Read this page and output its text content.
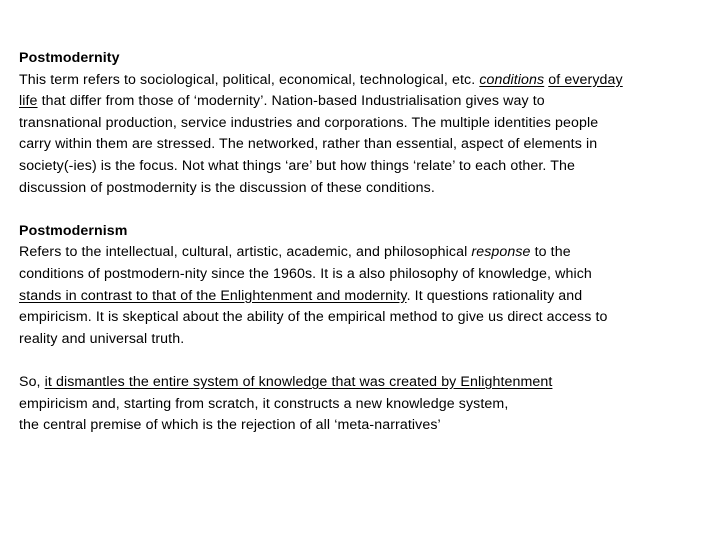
Postmodernity
This term refers to sociological, political, economical, technological, etc. conditions of everyday
life that differ from those of ‘modernity’. Nation-based Industrialisation gives way to
transnational production, service industries and corporations. The multiple identities people
carry within them are stressed. The networked, rather than essential, aspect of elements in
society(-ies) is the focus. Not what things ‘are’ but how things ‘relate’ to each other. The
discussion of postmodernity is the discussion of these conditions.
Postmodernism
Refers to the intellectual, cultural, artistic, academic, and philosophical response to the
conditions of postmodern-nity since the 1960s. It is a also philosophy of knowledge, which
stands in contrast to that of the Enlightenment and modernity. It questions rationality and
empiricism. It is skeptical about the ability of the empirical method to give us direct access to
reality and universal truth.
So, it dismantles the entire system of knowledge that was created by Enlightenment
empiricism and, starting from scratch, it constructs a new knowledge system,
the central premise of which is the rejection of all ‘meta-narratives’
